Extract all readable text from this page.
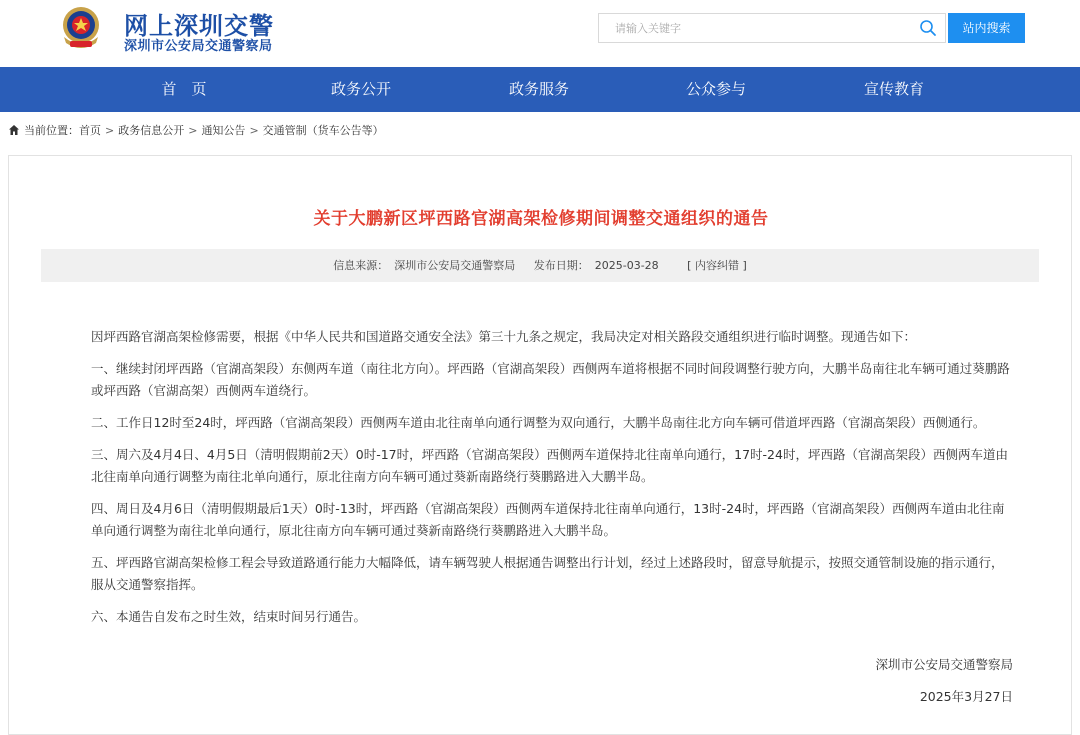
网上深圳交警
深圳市公安局交通警察局
请输入关键字
站内搜索
首　页	政务公开	政务服务	公众参与	宣传教育
当前位置： 首页 > 政务信息公开 > 通知公告 > 交通管制（货车公告等）
关于大鹏新区坪西路官湖高架检修期间调整交通组织的通告
信息来源： 深圳市公安局交通警察局 发布日期： 2025-03-28	[ 内容纠错 ]

因坪西路官湖高架检修需要，根据《中华人民共和国道路交通安全法》第三十九条之规定，我局决定对相关路段交通组织进行临时调整。现通告如下：

一、继续封闭坪西路（官湖高架段）东侧两车道（南往北方向）。坪西路（官湖高架段）西侧两车道将根据不同时间段调整行驶方向，大鹏半岛南往北车辆可通过葵鹏路或坪西路（官湖高架）西侧两车道绕行。

二、工作日12时至24时，坪西路（官湖高架段）西侧两车道由北往南单向通行调整为双向通行，大鹏半岛南往北方向车辆可借道坪西路（官湖高架段）西侧通行。

三、周六及4月4日、4月5日（清明假期前2天）0时-17时，坪西路（官湖高架段）西侧两车道保持北往南单向通行，17时-24时，坪西路（官湖高架段）西侧两车道由北往南单向通行调整为南往北单向通行，原北往南方向车辆可通过葵新南路绕行葵鹏路进入大鹏半岛。

四、周日及4月6日（清明假期最后1天）0时-13时，坪西路（官湖高架段）西侧两车道保持北往南单向通行，13时-24时，坪西路（官湖高架段）西侧两车道由北往南单向通行调整为南往北单向通行，原北往南方向车辆可通过葵新南路绕行葵鹏路进入大鹏半岛。

五、坪西路官湖高架检修工程会导致道路通行能力大幅降低，请车辆驾驶人根据通告调整出行计划，经过上述路段时，留意导航提示，按照交通管制设施的指示通行，服从交通警察指挥。

六、本通告自发布之时生效，结束时间另行通告。

深圳市公安局交通警察局
2025年3月27日
